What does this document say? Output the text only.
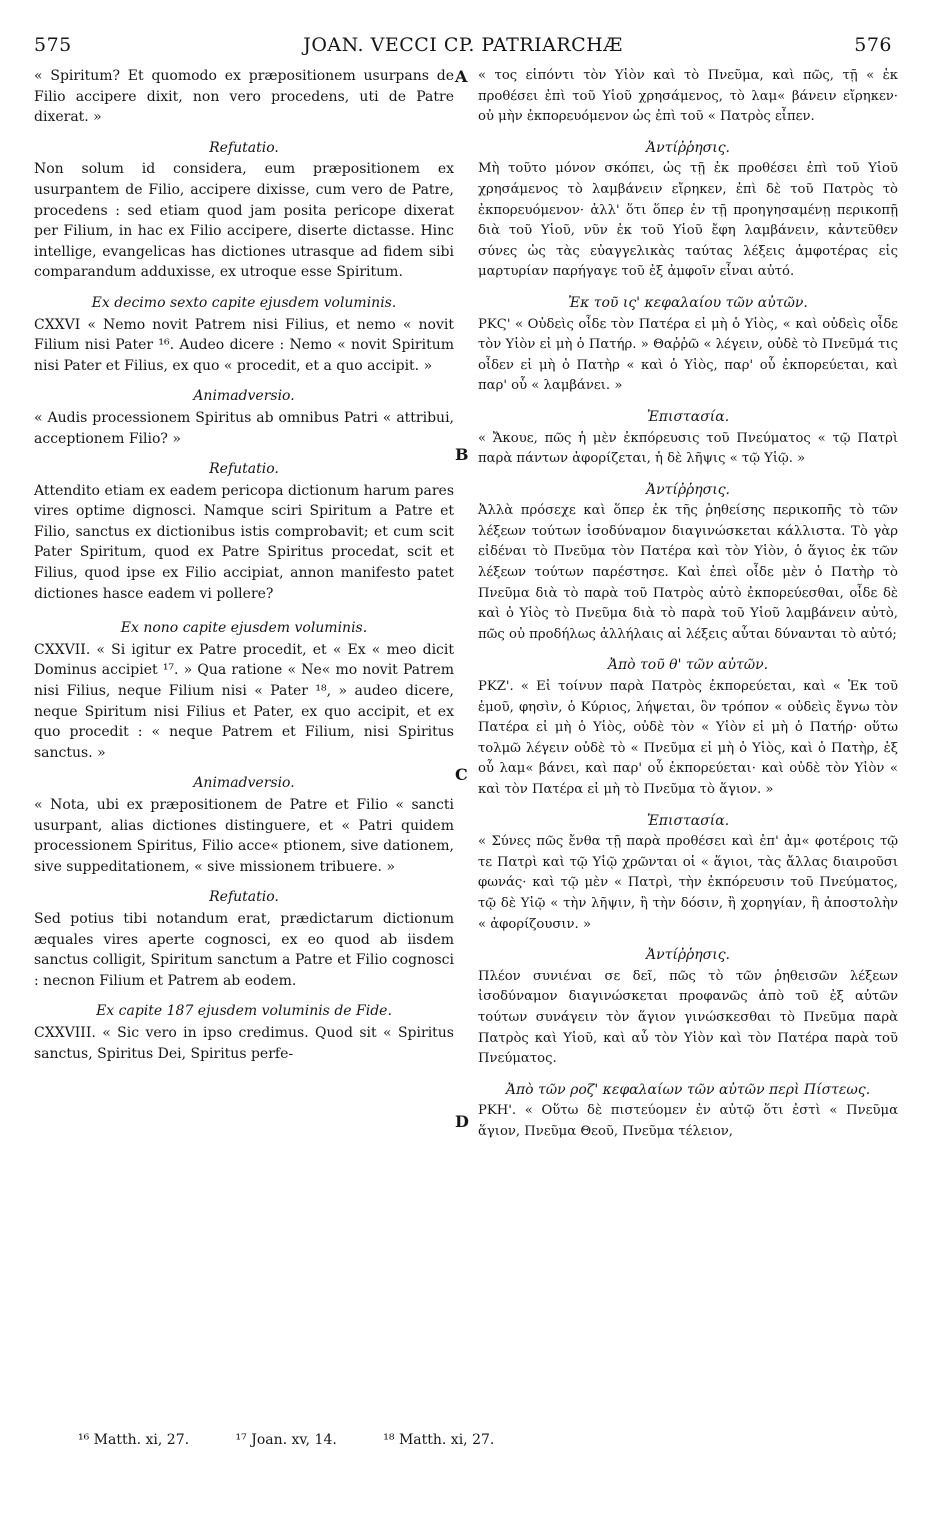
575	JOAN. VECCI CP. PATRIARCHÆ	576

« Spiritum? Et quomodo ex præpositionem usurpans de Filio accipere dixit, non vero procedens, uti de Patre dixerat. »

Refutatio.

Non solum id considera, eum præpositionem ex usurpantem de Filio, accipere dixisse, cum vero de Patre, procedens : sed etiam quod jam posita pericope dixerat per Filium, in hac ex Filio accipere, diserte dictasse. Hinc intellige, evangelicas has dictiones utrasque ad fidem sibi comparandum adduxisse, ex utroque esse Spiritum.

Ex decimo sexto capite ejusdem voluminis.

CXXVI « Nemo novit Patrem nisi Filius, et nemo « novit Filium nisi Pater ¹⁶. Audeo dicere : Nemo « novit Spiritum nisi Pater et Filius, ex quo « procedit, et a quo accipit. »

Animadversio.

« Audis processionem Spiritus ab omnibus Patri « attribui, acceptionem Filio? »

Refutatio.

Attendito etiam ex eadem pericopa dictionum harum pares vires optime dignosci. Namque sciri Spiritum a Patre et Filio, sanctus ex dictionibus istis comprobavit; et cum scit Pater Spiritum, quod ex Patre Spiritus procedat, scit et Filius, quod ipse ex Filio accipiat, annon manifesto patet dictiones hasce eadem vi pollere?

Ex nono capite ejusdem voluminis.

CXXVII. « Si igitur ex Patre procedit, et « Ex « meo dicit Dominus accipiet ¹⁷. » Qua ratione « Ne« mo novit Patrem nisi Filius, neque Filium nisi « Pater ¹⁸, » audeo dicere, neque Spiritum nisi Filius et Pater, ex quo accipit, et ex quo procedit : « neque Patrem et Filium, nisi Spiritus sanctus. »

Animadversio.

« Nota, ubi ex præpositionem de Patre et Filio « sancti usurpant, alias dictiones distinguere, et « Patri quidem processionem Spiritus, Filio acce« ptionem, sive dationem, sive suppeditationem, « sive missionem tribuere. »

Refutatio.

Sed potius tibi notandum erat, prædictarum dictionum æquales vires aperte cognosci, ex eo quod ab iisdem sanctus colligit, Spiritum sanctum a Patre et Filio cognosci : necnon Filium et Patrem ab eodem.

Ex capite 187 ejusdem voluminis de Fide.

CXXVIII. « Sic vero in ipso credimus. Quod sit « Spiritus sanctus, Spiritus Dei, Spiritus perfe-

« τος εἰπόντι τὸν Υἱὸν καὶ τὸ Πνεῦμα, καὶ πῶς, τῇ « ἐκ προθέσει ἐπὶ τοῦ Υἱοῦ χρησάμενος, τὸ λαμ« βάνειν εἴρηκεν· οὐ μὴν ἐκπορευόμενον ὡς ἐπὶ τοῦ « Πατρὸς εἶπεν.

Ἀντίῤῥησις.

Μὴ τοῦτο μόνον σκόπει, ὡς τῇ ἐκ προθέσει ἐπὶ τοῦ Υἱοῦ χρησάμενος τὸ λαμβάνειν εἴρηκεν, ἐπὶ δὲ τοῦ Πατρὸς τὸ ἐκπορευόμενον· ἀλλ' ὅτι ὅπερ ἐν τῇ προηγησαμένῃ περικοπῇ διὰ τοῦ Υἱοῦ, νῦν ἐκ τοῦ Υἱοῦ ἔφη λαμβάνειν, κἀντεῦθεν σύνες ὡς τὰς εὐαγγελικὰς ταύτας λέξεις ἀμφοτέρας εἰς μαρτυρίαν παρήγαγε τοῦ ἐξ ἀμφοῖν εἶναι αὐτό.

Ἐκ τοῦ ις' κεφαλαίου τῶν αὐτῶν.

ΡΚϚ' « Οὐδεὶς οἶδε τὸν Πατέρα εἰ μὴ ὁ Υἱὸς, « καὶ οὐδεὶς οἶδε τὸν Υἱὸν εἰ μὴ ὁ Πατήρ. » Θαῤῥῶ « λέγειν, οὐδὲ τὸ Πνεῦμά τις οἶδεν εἰ μὴ ὁ Πατὴρ « καὶ ὁ Υἱὸς, παρ' οὗ ἐκπορεύεται, καὶ παρ' οὗ « λαμβάνει. »

Ἐπιστασία.

« Ἄκουε, πῶς ἡ μὲν ἐκπόρευσις τοῦ Πνεύματος « τῷ Πατρὶ παρὰ πάντων ἀφορίζεται, ἡ δὲ λῆψις « τῷ Υἱῷ. »

Ἀντίῤῥησις.

Ἀλλὰ πρόσεχε καὶ ὅπερ ἐκ τῆς ῥηθείσης περικοπῆς τὸ τῶν λέξεων τούτων ἰσοδύναμον διαγινώσκεται κάλλιστα. Τὸ γὰρ εἰδέναι τὸ Πνεῦμα τὸν Πατέρα καὶ τὸν Υἱὸν, ὁ ἅγιος ἐκ τῶν λέξεων τούτων παρέστησε. Καὶ ἐπεὶ οἶδε μὲν ὁ Πατὴρ τὸ Πνεῦμα διὰ τὸ παρὰ τοῦ Πατρὸς αὐτὸ ἐκπορεύεσθαι, οἶδε δὲ καὶ ὁ Υἱὸς τὸ Πνεῦμα διὰ τὸ παρὰ τοῦ Υἱοῦ λαμβάνειν αὐτὸ, πῶς οὐ προδήλως ἀλλήλαις αἱ λέξεις αὗται δύνανται τὸ αὐτό;

Ἀπὸ τοῦ θ' τῶν αὐτῶν.

ΡΚΖ'. « Εἰ τοίνυν παρὰ Πατρὸς ἐκπορεύεται, καὶ « Ἐκ τοῦ ἐμοῦ, φησὶν, ὁ Κύριος, λήψεται, ὃν τρόπον « οὐδεὶς ἔγνω τὸν Πατέρα εἰ μὴ ὁ Υἱὸς, οὐδὲ τὸν « Υἱὸν εἰ μὴ ὁ Πατήρ· οὕτω τολμῶ λέγειν οὐδὲ τὸ « Πνεῦμα εἰ μὴ ὁ Υἱὸς, καὶ ὁ Πατὴρ, ἐξ οὗ λαμ« βάνει, καὶ παρ' οὗ ἐκπορεύεται· καὶ οὐδὲ τὸν Υἱὸν « καὶ τὸν Πατέρα εἰ μὴ τὸ Πνεῦμα τὸ ἅγιον. »

Ἐπιστασία.

« Σύνες πῶς ἔνθα τῇ παρὰ προθέσει καὶ ἐπ' ἀμ« φοτέροις τῷ τε Πατρὶ καὶ τῷ Υἱῷ χρῶνται οἱ « ἅγιοι, τὰς ἄλλας διαιροῦσι φωνάς· καὶ τῷ μὲν « Πατρὶ, τὴν ἐκπόρευσιν τοῦ Πνεύματος, τῷ δὲ Υἱῷ « τὴν λῆψιν, ἢ τὴν δόσιν, ἢ χορηγίαν, ἢ ἀποστολὴν « ἀφορίζουσιν. »

Ἀντίῤῥησις.

Πλέον συνιέναι σε δεῖ, πῶς τὸ τῶν ῥηθεισῶν λέξεων ἰσοδύναμον διαγινώσκεται προφανῶς ἀπὸ τοῦ ἐξ αὐτῶν τούτων συνάγειν τὸν ἅγιον γινώσκεσθαι τὸ Πνεῦμα παρὰ Πατρὸς καὶ Υἱοῦ, καὶ αὖ τὸν Υἱὸν καὶ τὸν Πατέρα παρὰ τοῦ Πνεύματος.

Ἀπὸ τῶν ροζ' κεφαλαίων τῶν αὐτῶν περὶ Πίστεως.

ΡΚΗ'. « Οὕτω δὲ πιστεύομεν ἐν αὐτῷ ὅτι ἐστὶ « Πνεῦμα ἅγιον, Πνεῦμα Θεοῦ, Πνεῦμα τέλειον,

A
B
C
D
¹⁶ Matth. xi, 27.	¹⁷ Joan. xv, 14.	¹⁸ Matth. xi, 27.
